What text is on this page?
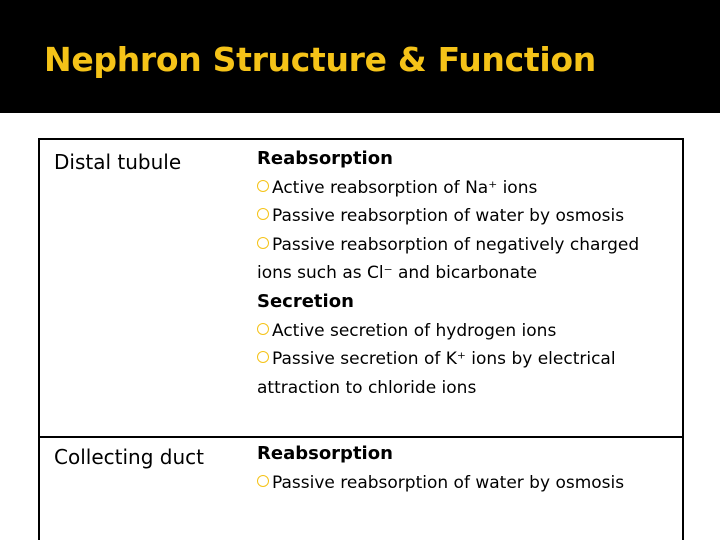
Nephron Structure & Function
Distal tubule	Reabsorption
Active reabsorption of Na⁺ ions
Passive reabsorption of water by osmosis
Passive reabsorption of negatively charged ions such as Cl⁻ and bicarbonate
Secretion
Active secretion of hydrogen ions
Passive secretion of K⁺ ions by electrical attraction to chloride ions
Collecting duct	Reabsorption
Passive reabsorption of water by osmosis
